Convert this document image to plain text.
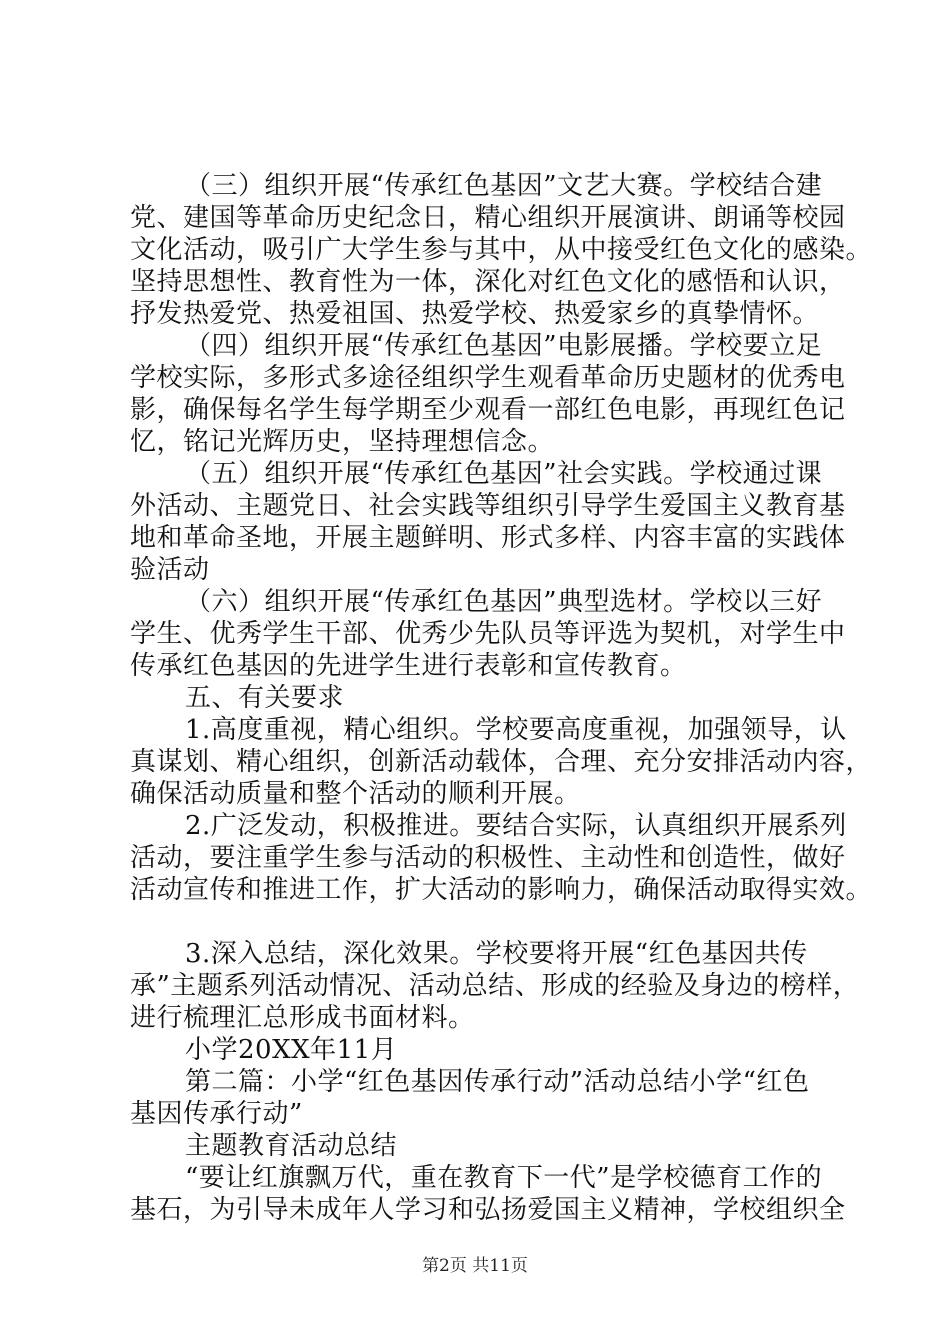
（三）组织开展“传承红色基因”文艺大赛。学校结合建
党、建国等革命历史纪念日，精心组织开展演讲、朗诵等校园
文化活动，吸引广大学生参与其中，从中接受红色文化的感染。
坚持思想性、教育性为一体，深化对红色文化的感悟和认识，
抒发热爱党、热爱祖国、热爱学校、热爱家乡的真挚情怀。
（四）组织开展“传承红色基因”电影展播。学校要立足
学校实际，多形式多途径组织学生观看革命历史题材的优秀电
影，确保每名学生每学期至少观看一部红色电影，再现红色记
忆，铭记光辉历史，坚持理想信念。
（五）组织开展“传承红色基因”社会实践。学校通过课
外活动、主题党日、社会实践等组织引导学生爱国主义教育基
地和革命圣地，开展主题鲜明、形式多样、内容丰富的实践体
验活动
（六）组织开展“传承红色基因”典型选材。学校以三好
学生、优秀学生干部、优秀少先队员等评选为契机，对学生中
传承红色基因的先进学生进行表彰和宣传教育。
五、有关要求
1.高度重视，精心组织。学校要高度重视，加强领导，认
真谋划、精心组织，创新活动载体，合理、充分安排活动内容，
确保活动质量和整个活动的顺利开展。
2.广泛发动，积极推进。要结合实际，认真组织开展系列
活动，要注重学生参与活动的积极性、主动性和创造性，做好
活动宣传和推进工作，扩大活动的影响力，确保活动取得实效。
3.深入总结，深化效果。学校要将开展“红色基因共传
承”主题系列活动情况、活动总结、形成的经验及身边的榜样，
进行梳理汇总形成书面材料。
小学20XX年11月
第二篇：小学“红色基因传承行动”活动总结小学“红色
基因传承行动”
主题教育活动总结
“要让红旗飘万代，重在教育下一代”是学校德育工作的
基石，为引导未成年人学习和弘扬爱国主义精神，学校组织全
第2页 共11页
